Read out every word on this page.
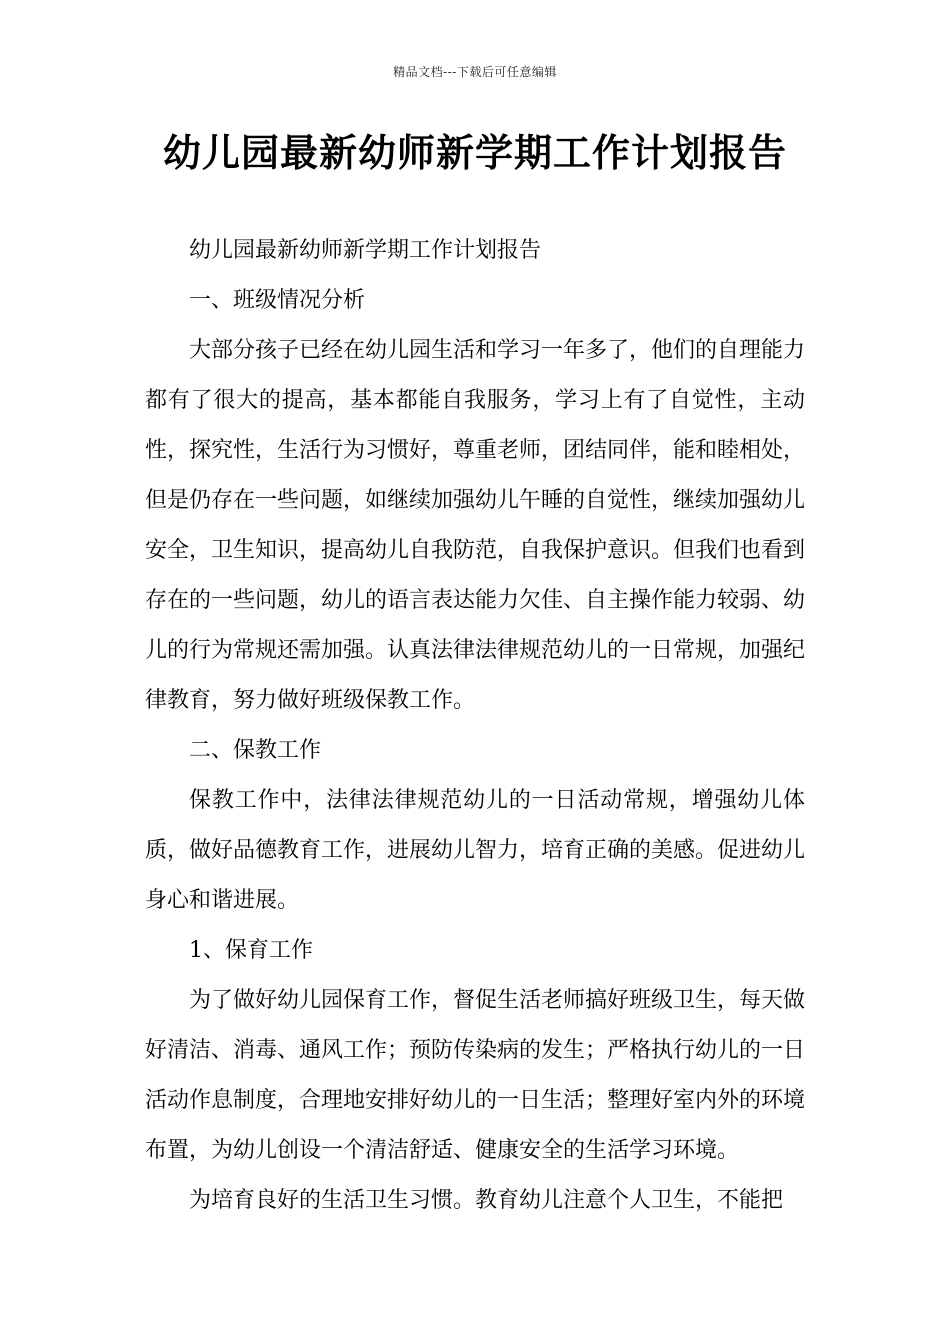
精品文档---下载后可任意编辑
幼儿园最新幼师新学期工作计划报告

幼儿园最新幼师新学期工作计划报告

一、班级情况分析

大部分孩子已经在幼儿园生活和学习一年多了，他们的自理能力都有了很大的提高，基本都能自我服务，学习上有了自觉性，主动性，探究性，生活行为习惯好，尊重老师，团结同伴，能和睦相处，但是仍存在一些问题，如继续加强幼儿午睡的自觉性，继续加强幼儿安全，卫生知识，提高幼儿自我防范，自我保护意识。但我们也看到存在的一些问题，幼儿的语言表达能力欠佳、自主操作能力较弱、幼儿的行为常规还需加强。认真法律法律规范幼儿的一日常规，加强纪律教育，努力做好班级保教工作。

二、保教工作

保教工作中，法律法律规范幼儿的一日活动常规，增强幼儿体质，做好品德教育工作，进展幼儿智力，培育正确的美感。促进幼儿身心和谐进展。

1、保育工作

为了做好幼儿园保育工作，督促生活老师搞好班级卫生，每天做好清洁、消毒、通风工作；预防传染病的发生；严格执行幼儿的一日活动作息制度，合理地安排好幼儿的一日生活；整理好室内外的环境布置，为幼儿创设一个清洁舒适、健康安全的生活学习环境。

为培育良好的生活卫生习惯。教育幼儿注意个人卫生，不能把
